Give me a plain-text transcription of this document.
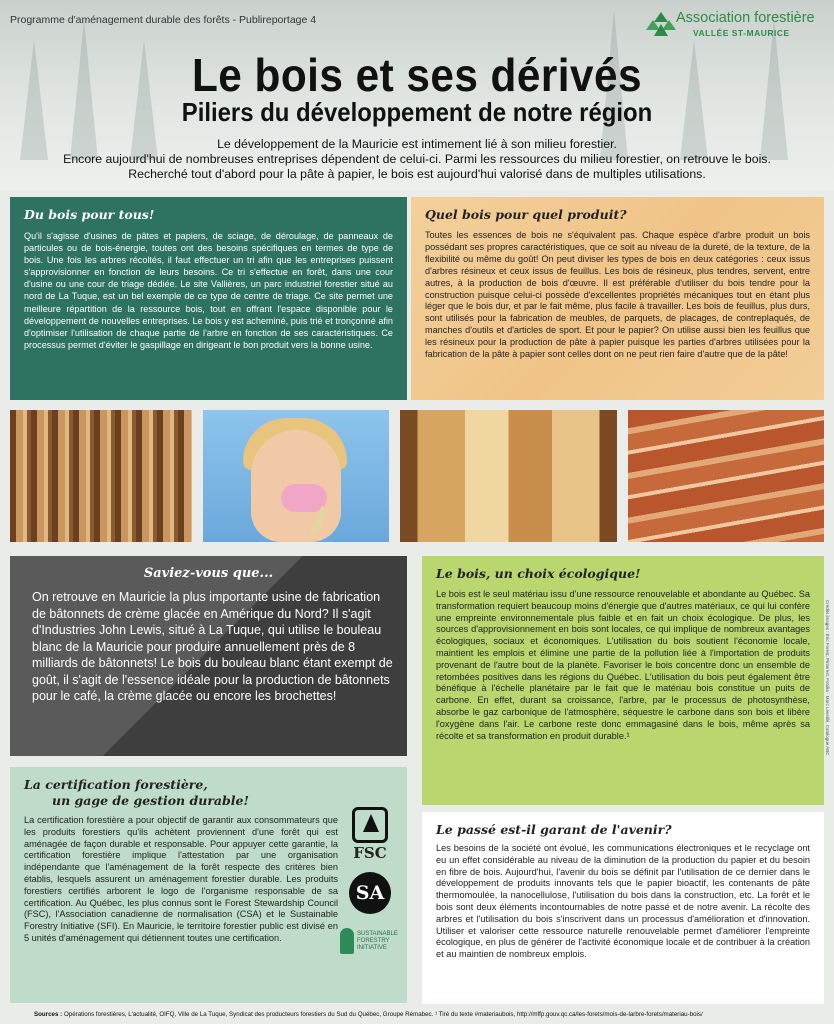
Programme d'aménagement durable des forêts - Publireportage 4	Association forestière
VALLÉE ST-MAURICE
Le bois et ses dérivés
Piliers du développement de notre région
Le développement de la Mauricie est intimement lié à son milieu forestier.
Encore aujourd'hui de nombreuses entreprises dépendent de celui-ci. Parmi les ressources du milieu forestier, on retrouve le bois.
Recherché tout d'abord pour la pâte à papier, le bois est aujourd'hui valorisé dans de multiples utilisations.
Du bois pour tous!

Qu'il s'agisse d'usines de pâtes et papiers, de sciage, de déroulage, de panneaux de particules ou de bois-énergie, toutes ont des besoins spécifiques en termes de type de bois. Une fois les arbres récoltés, il faut effectuer un tri afin que les entreprises puissent s'approvisionner en fonction de leurs besoins. Ce tri s'effectue en forêt, dans une cour d'usine ou une cour de triage dédiée. Le site Vallières, un parc industriel forestier situé au nord de La Tuque, est un bel exemple de ce type de centre de triage. Ce site permet une meilleure répartition de la ressource bois, tout en offrant l'espace disponible pour le développement de nouvelles entreprises. Le bois y est acheminé, puis trié et tronçonné afin d'optimiser l'utilisation de chaque partie de l'arbre en fonction de ses caractéristiques. Ce processus permet d'éviter le gaspillage en dirigeant le bon produit vers la bonne usine.

Quel bois pour quel produit?

Toutes les essences de bois ne s'équivalent pas. Chaque espèce d'arbre produit un bois possédant ses propres caractéristiques, que ce soit au niveau de la dureté, de la texture, de la flexibilité ou même du goût! On peut diviser les types de bois en deux catégories : ceux issus d'arbres résineux et ceux issus de feuillus. Les bois de résineux, plus tendres, servent, entre autres, à la production de bois d'œuvre. Il est préférable d'utiliser du bois tendre pour la construction puisque celui-ci possède d'excellentes propriétés mécaniques tout en étant plus léger que le bois dur, et par le fait même, plus facile à travailler. Les bois de feuillus, plus durs, sont utilisés pour la fabrication de meubles, de parquets, de placages, de contreplaqués, de manches d'outils et d'articles de sport. Et pour le papier? On utilise aussi bien les feuillus que les résineux pour la production de pâte à papier puisque les parties d'arbres utilisées pour la fabrication de la pâte à papier sont celles dont on ne peut rien faire d'autre que de la pâte!

Saviez-vous que...

On retrouve en Mauricie la plus importante usine de fabrication de bâtonnets de crème glacée en Amérique du Nord? Il s'agit d'Industries John Lewis, situé à La Tuque, qui utilise le bouleau blanc de la Mauricie pour produire annuellement près de 8 milliards de bâtonnets! Le bois du bouleau blanc étant exempt de goût, il s'agit de l'essence idéale pour la production de bâtonnets pour le café, la crème glacée ou encore les brochettes!

Le bois, un choix écologique!

Le bois est le seul matériau issu d'une ressource renouvelable et abondante au Québec. Sa transformation requiert beaucoup moins d'énergie que d'autres matériaux, ce qui lui confère une empreinte environnementale plus faible et en fait un choix écologique. De plus, les sources d'approvisionnement en bois sont locales, ce qui implique de nombreux avantages écologiques, sociaux et économiques. L'utilisation du bois soutient l'économie locale, maintient les emplois et élimine une partie de la pollution liée à l'importation de produits provenant de l'autre bout de la planète. Favoriser le bois concentre donc un ensemble de retombées positives dans les régions du Québec. L'utilisation du bois peut également être bénéfique à l'échelle planétaire par le fait que le matériau bois constitue un puits de carbone. En effet, durant sa croissance, l'arbre, par le processus de photosynthèse, absorbe le gaz carbonique de l'atmosphère, séquestre le carbone dans son bois et libère l'oxygène dans l'air. Le carbone reste donc emmagasiné dans le bois, même après sa récolte et sa transformation en produit durable.¹

La certification forestière,
un gage de gestion durable!

La certification forestière a pour objectif de garantir aux consommateurs que les produits forestiers qu'ils achètent proviennent d'une forêt qui est aménagée de façon durable et responsable. Pour appuyer cette garantie, la certification forestière implique l'attestation par une organisation indépendante que l'aménagement de la forêt respecte des critères bien établis, lesquels assurent un aménagement forestier durable. Les produits forestiers certifiés arborent le logo de l'organisme responsable de sa certification. Au Québec, les plus connus sont le Forest Stewardship Council (FSC), l'Association canadienne de normalisation (CSA) et le Sustainable Forestry Initiative (SFI). En Mauricie, le territoire forestier public est divisé en 5 unités d'aménagement qui détiennent toutes une certification.

FSC
SA
SUSTAINABLE FORESTRY INITIATIVE
Le passé est-il garant de l'avenir?

Les besoins de la société ont évolué, les communications électroniques et le recyclage ont eu un effet considérable au niveau de la diminution de la production du papier et du besoin en fibre de bois. Aujourd'hui, l'avenir du bois se définit par l'utilisation de ce dernier dans le développement de produits innovants tels que le papier bioactif, les contenants de pâte thermomoulée, la nanocellulose, l'utilisation du bois dans la construction, etc. La forêt et le bois sont deux éléments incontournables de notre passé et de notre avenir. La récolte des arbres et l'utilisation du bois s'inscrivent dans un processus d'amélioration et d'innovation. Utiliser et valoriser cette ressource naturelle renouvelable permet d'améliorer l'empreinte écologique, en plus de générer de l'activité économique locale et de contribuer à la création et au maintien de nombreux emplois.

Crédits images : Éric Forest, Pinterest, Fotolia · Marc Léveillé, Catalogue ABC
Sources : Opérations forestières, L'actualité, OIFQ, Ville de La Tuque, Syndicat des producteurs forestiers du Sud du Québec, Groupe Rémabec. ¹ Tiré du texte #materiaubois, http://mffp.gouv.qc.ca/les-forets/mois-de-larbre-forets/materiau-bois/
